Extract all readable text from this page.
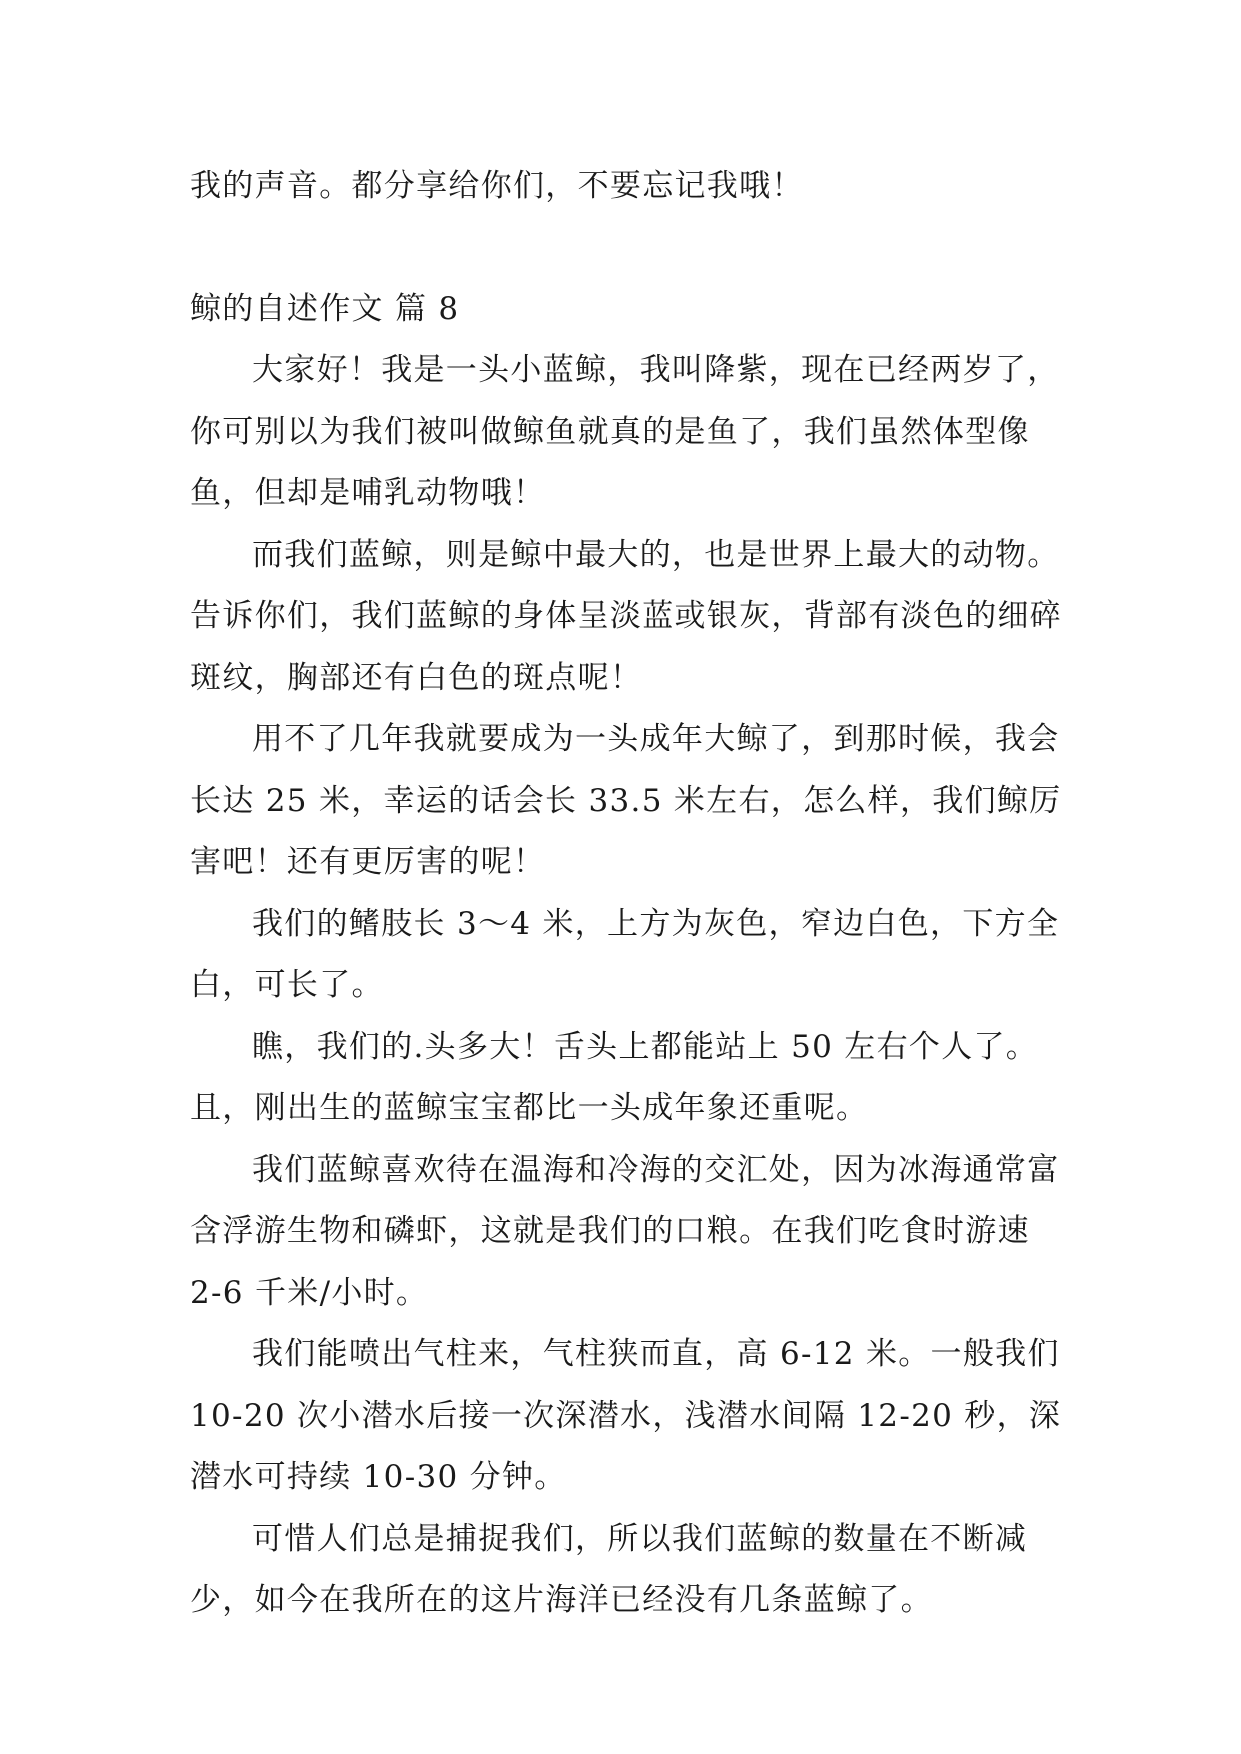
我的声音。都分享给你们，不要忘记我哦！

鲸的自述作文 篇 8

大家好！我是一头小蓝鲸，我叫降紫，现在已经两岁了，你可别以为我们被叫做鲸鱼就真的是鱼了，我们虽然体型像鱼，但却是哺乳动物哦！

而我们蓝鲸，则是鲸中最大的，也是世界上最大的动物。告诉你们，我们蓝鲸的身体呈淡蓝或银灰，背部有淡色的细碎斑纹，胸部还有白色的斑点呢！

用不了几年我就要成为一头成年大鲸了，到那时候，我会长达 25 米，幸运的话会长 33.5 米左右，怎么样，我们鲸厉害吧！还有更厉害的呢！

我们的鳍肢长 3～4 米，上方为灰色，窄边白色，下方全白，可长了。

瞧，我们的.头多大！舌头上都能站上 50 左右个人了。且，刚出生的蓝鲸宝宝都比一头成年象还重呢。

我们蓝鲸喜欢待在温海和冷海的交汇处，因为冰海通常富含浮游生物和磷虾，这就是我们的口粮。在我们吃食时游速 2-6 千米/小时。

我们能喷出气柱来，气柱狭而直，高 6-12 米。一般我们 10-20 次小潜水后接一次深潜水，浅潜水间隔 12-20 秒，深潜水可持续 10-30 分钟。

可惜人们总是捕捉我们，所以我们蓝鲸的数量在不断减少，如今在我所在的这片海洋已经没有几条蓝鲸了。
